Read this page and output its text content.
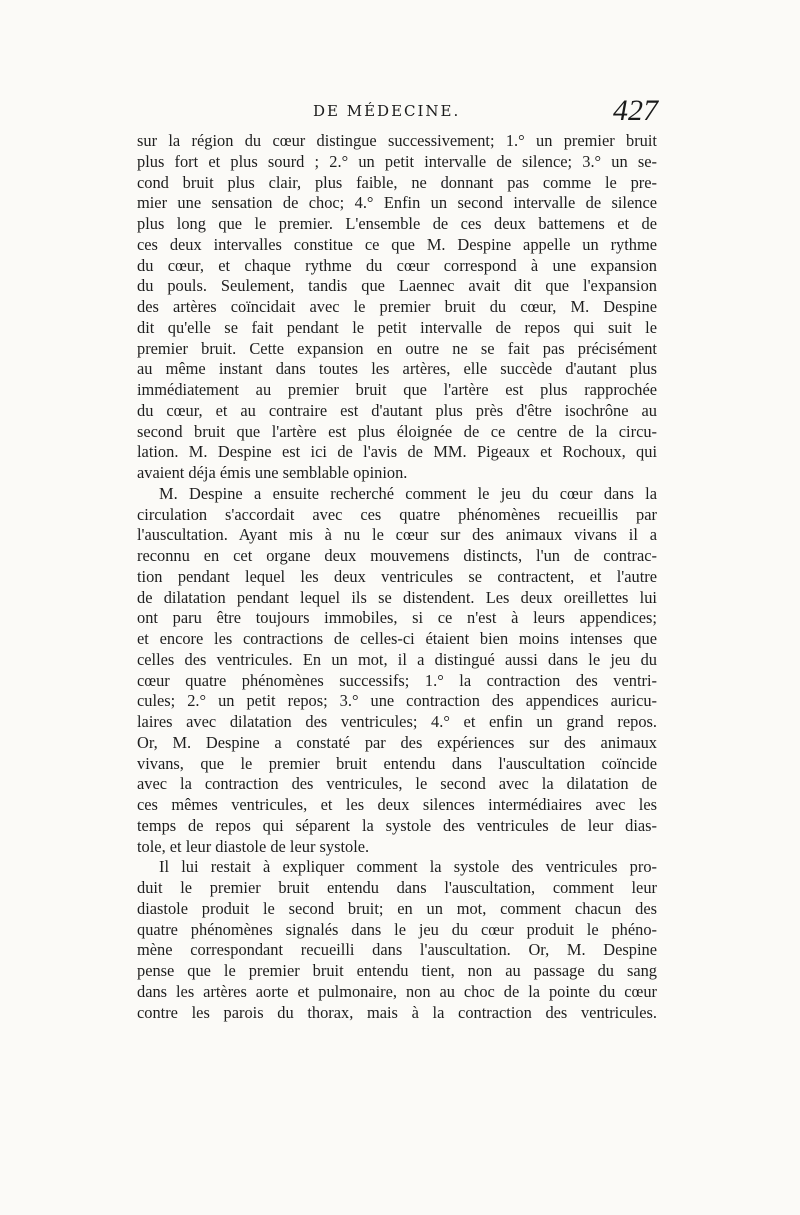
DE MÉDECINE.	427
sur la région du cœur distingue successivement; 1.° un premier bruit
plus fort et plus sourd ; 2.° un petit intervalle de silence; 3.° un se-
cond bruit plus clair, plus faible, ne donnant pas comme le pre-
mier une sensation de choc; 4.° Enfin un second intervalle de silence
plus long que le premier. L'ensemble de ces deux battemens et de
ces deux intervalles constitue ce que M. Despine appelle un rythme
du cœur, et chaque rythme du cœur correspond à une expansion
du pouls. Seulement, tandis que Laennec avait dit que l'expansion
des artères coïncidait avec le premier bruit du cœur, M. Despine
dit qu'elle se fait pendant le petit intervalle de repos qui suit le
premier bruit. Cette expansion en outre ne se fait pas précisément
au même instant dans toutes les artères, elle succède d'autant plus
immédiatement au premier bruit que l'artère est plus rapprochée
du cœur, et au contraire est d'autant plus près d'être isochrône au
second bruit que l'artère est plus éloignée de ce centre de la circu-
lation. M. Despine est ici de l'avis de MM. Pigeaux et Rochoux, qui
avaient déja émis une semblable opinion.
M. Despine a ensuite recherché comment le jeu du cœur dans la
circulation s'accordait avec ces quatre phénomènes recueillis par
l'auscultation. Ayant mis à nu le cœur sur des animaux vivans il a
reconnu en cet organe deux mouvemens distincts, l'un de contrac-
tion pendant lequel les deux ventricules se contractent, et l'autre
de dilatation pendant lequel ils se distendent. Les deux oreillettes lui
ont paru être toujours immobiles, si ce n'est à leurs appendices;
et encore les contractions de celles-ci étaient bien moins intenses que
celles des ventricules. En un mot, il a distingué aussi dans le jeu du
cœur quatre phénomènes successifs; 1.° la contraction des ventri-
cules; 2.° un petit repos; 3.° une contraction des appendices auricu-
laires avec dilatation des ventricules; 4.° et enfin un grand repos.
Or, M. Despine a constaté par des expériences sur des animaux
vivans, que le premier bruit entendu dans l'auscultation coïncide
avec la contraction des ventricules, le second avec la dilatation de
ces mêmes ventricules, et les deux silences intermédiaires avec les
temps de repos qui séparent la systole des ventricules de leur dias-
tole, et leur diastole de leur systole.
Il lui restait à expliquer comment la systole des ventricules pro-
duit le premier bruit entendu dans l'auscultation, comment leur
diastole produit le second bruit; en un mot, comment chacun des
quatre phénomènes signalés dans le jeu du cœur produit le phéno-
mène correspondant recueilli dans l'auscultation. Or, M. Despine
pense que le premier bruit entendu tient, non au passage du sang
dans les artères aorte et pulmonaire, non au choc de la pointe du cœur
contre les parois du thorax, mais à la contraction des ventricules.
